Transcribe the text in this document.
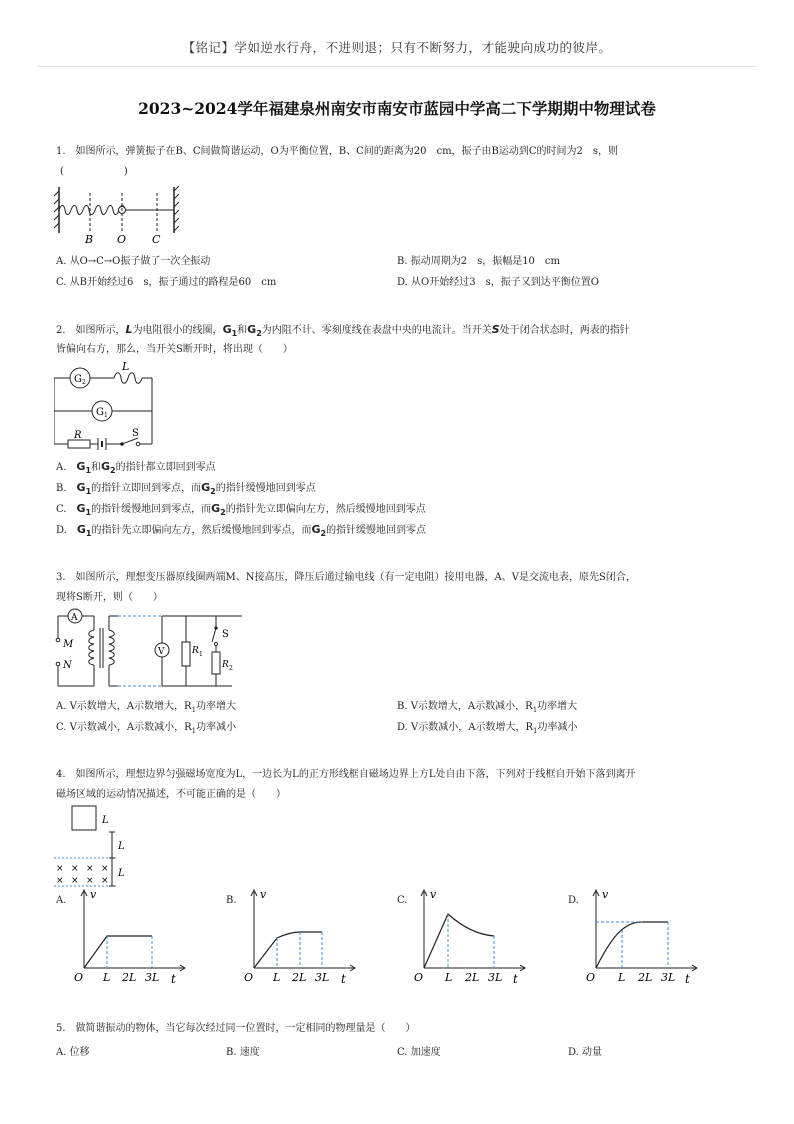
【铭记】学如逆水行舟，不进则退；只有不断努力，才能驶向成功的彼岸。
2023~2024学年福建泉州南安市南安市蓝园中学高二下学期期中物理试卷
1.　如图所示，弹簧振子在B、C间做简谐运动，O为平衡位置，B、C间的距离为20　cm，振子由B运动到C的时间为2　s，则
(　　　　　　)
B O C
A. 从O→C→O振子做了一次全振动	B. 振动周期为2　s，振幅是10　cm
C. 从B开始经过6　s，振子通过的路程是60　cm	D. 从O开始经过3　s，振子又到达平衡位置O
2.　如图所示，L为电阻很小的线圈，$G_1$和$G_2$为内阻不计、零刻度线在表盘中央的电流计。当开关S处于闭合状态时，两表的指针
皆偏向右方，那么，当开关S断开时，将出现（　　）
G 2
G 1
L
R	S
A.　$G_1$和$G_2$的指针都立即回到零点
B.　$G_1$的指针立即回到零点，而$G_2$的指针缓慢地回到零点
C.　$G_1$的指针缓慢地回到零点，而$G_2$的指针先立即偏向左方，然后缓慢地回到零点
D.　$G_1$的指针先立即偏向左方，然后缓慢地回到零点，而$G_2$的指针缓慢地回到零点
3.　如图所示，理想变压器原线圈两端M、N接高压，降压后通过输电线（有一定电阻）接用电器，A、V是交流电表，原先S闭合，
现将S断开，则（　　）
A
V
M
N
R 1
R 2
S
A. V示数增大，A示数增大，$R_1$功率增大	B. V示数增大，A示数减小，$R_1$功率增大
C. V示数减小，A示数减小，$R_1$功率减小	D. V示数减小，A示数增大，$R_1$功率减小
4.　如图所示，理想边界匀强磁场宽度为L，一边长为L的正方形线框自磁场边界上方L处自由下落，下列对于线框自开始下落到离开
磁场区域的运动情况描述，不可能正确的是（　　）
L
L
L
× × × ×
× × × ×
A. v
O L 2L 3L t
B. v
O L 2L 3L t
C. v
O L 2L 3L t
D. v
O L 2L 3L t
5.　做简谐振动的物体，当它每次经过同一位置时，一定相同的物理量是（　　）
A. 位移	B. 速度	C. 加速度	D. 动量
